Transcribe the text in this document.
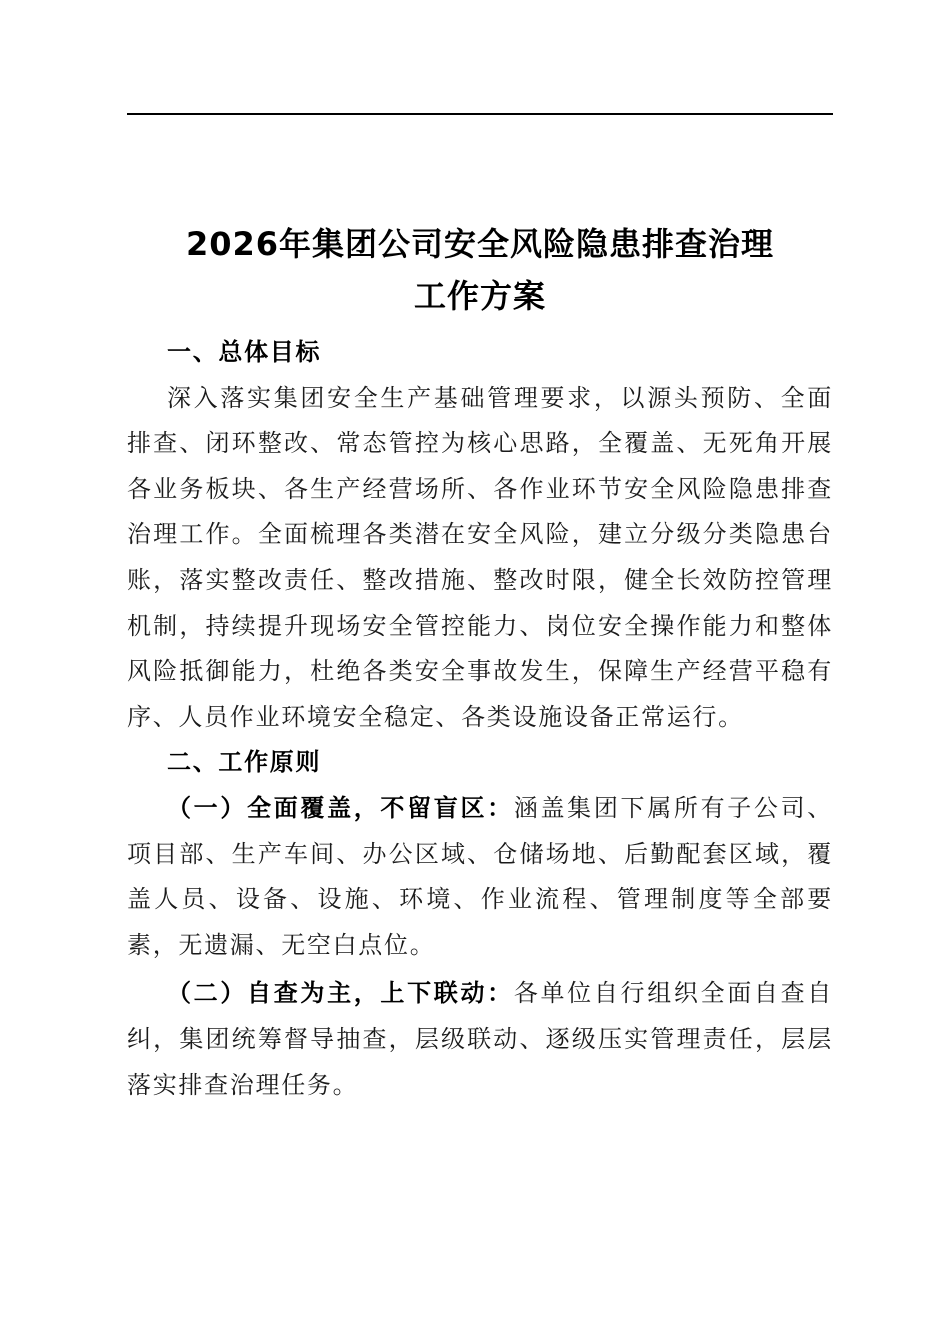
2026年集团公司安全风险隐患排查治理
工作方案

一、总体目标

深入落实集团安全生产基础管理要求，以源头预防、全面排查、闭环整改、常态管控为核心思路，全覆盖、无死角开展各业务板块、各生产经营场所、各作业环节安全风险隐患排查治理工作。全面梳理各类潜在安全风险，建立分级分类隐患台账，落实整改责任、整改措施、整改时限，健全长效防控管理机制，持续提升现场安全管控能力、岗位安全操作能力和整体风险抵御能力，杜绝各类安全事故发生，保障生产经营平稳有序、人员作业环境安全稳定、各类设施设备正常运行。

二、工作原则

（一）全面覆盖，不留盲区：涵盖集团下属所有子公司、项目部、生产车间、办公区域、仓储场地、后勤配套区域，覆盖人员、设备、设施、环境、作业流程、管理制度等全部要素，无遗漏、无空白点位。

（二）自查为主，上下联动：各单位自行组织全面自查自纠，集团统筹督导抽查，层级联动、逐级压实管理责任，层层落实排查治理任务。
